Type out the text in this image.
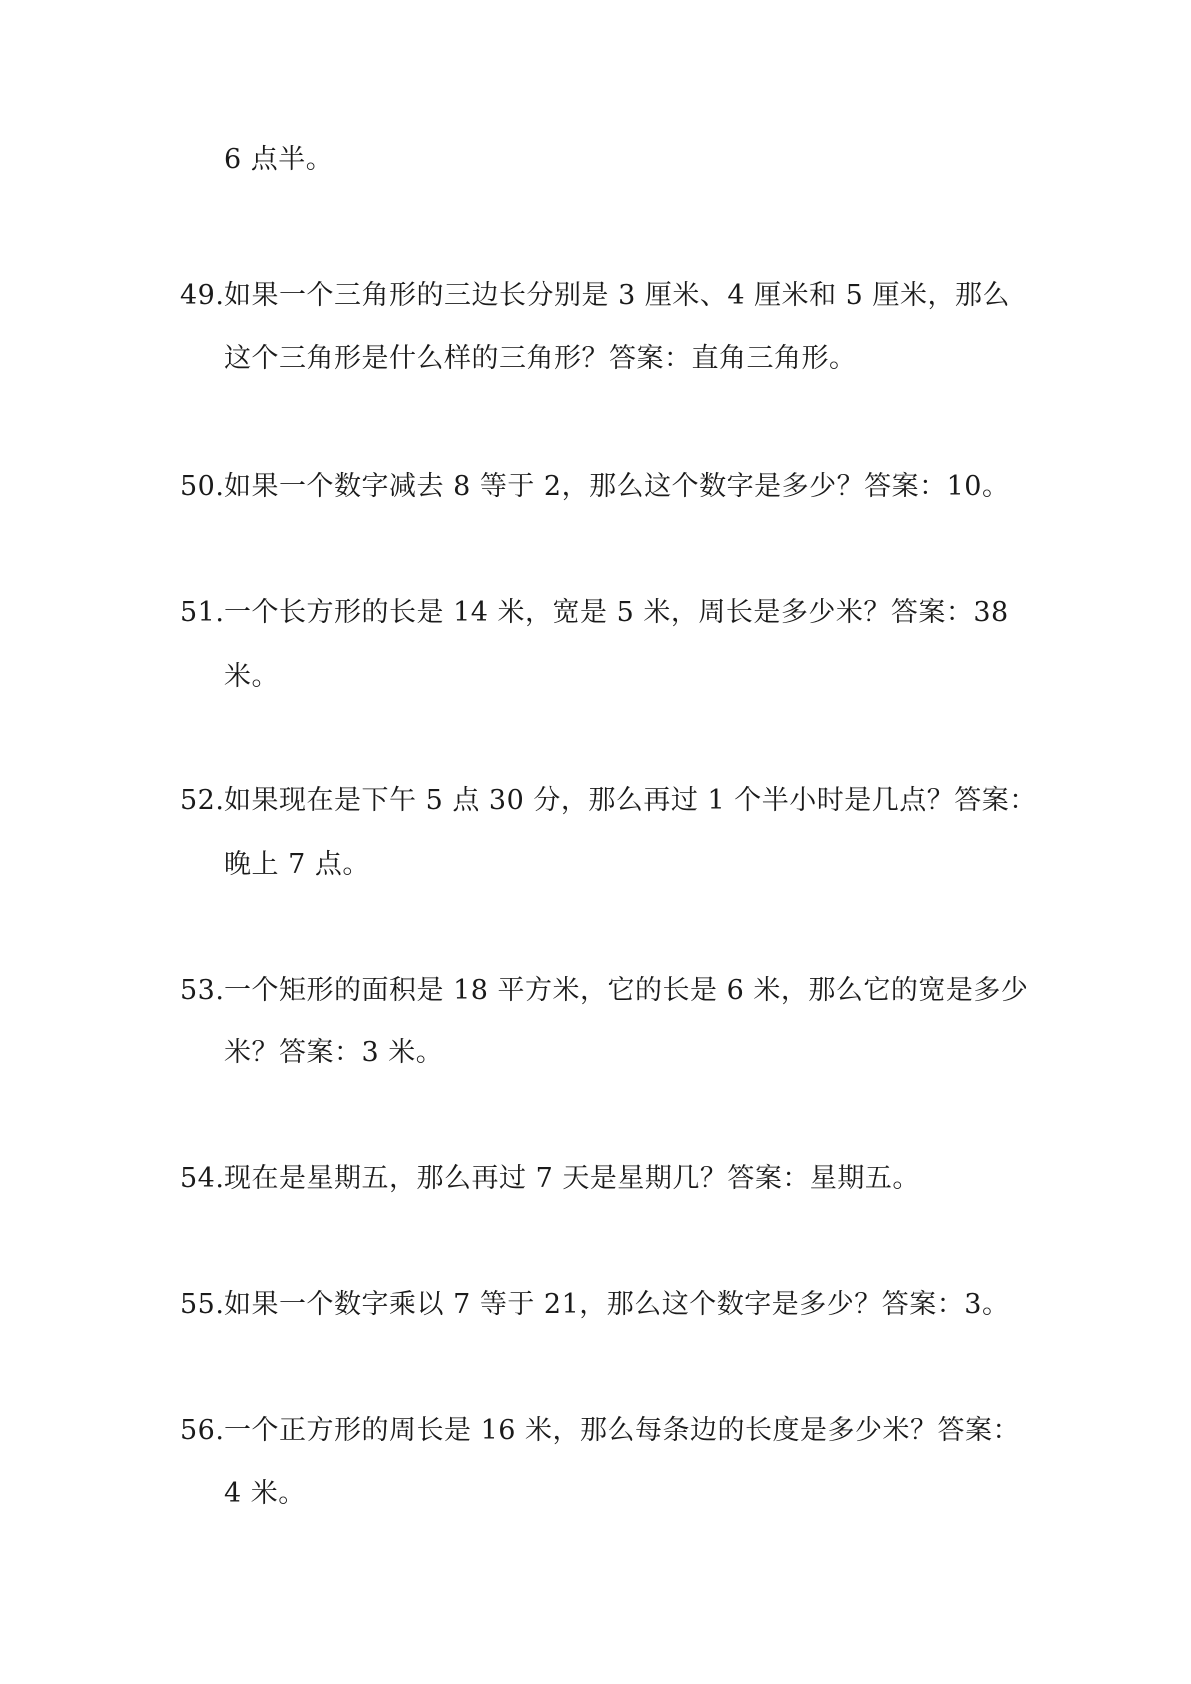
6 点半。
49.如果一个三角形的三边长分别是 3 厘米、4 厘米和 5 厘米，那么
这个三角形是什么样的三角形？答案：直角三角形。
50.如果一个数字减去 8 等于 2，那么这个数字是多少？答案：10。
51.一个长方形的长是 14 米，宽是 5 米，周长是多少米？答案：38
米。
52.如果现在是下午 5 点 30 分，那么再过 1 个半小时是几点？答案：
晚上 7 点。
53.一个矩形的面积是 18 平方米，它的长是 6 米，那么它的宽是多少
米？答案：3 米。
54.现在是星期五，那么再过 7 天是星期几？答案：星期五。
55.如果一个数字乘以 7 等于 21，那么这个数字是多少？答案：3。
56.一个正方形的周长是 16 米，那么每条边的长度是多少米？答案：
4 米。
